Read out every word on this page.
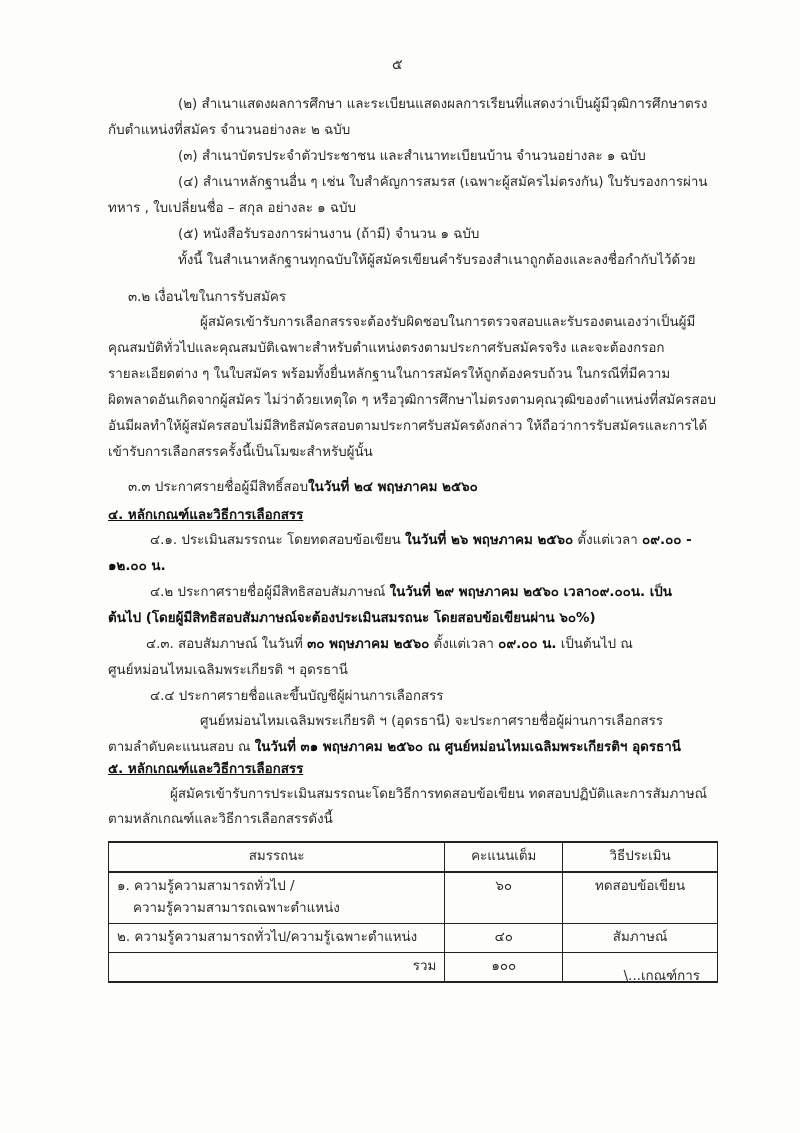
๕
(๒) สำเนาแสดงผลการศึกษา และระเบียนแสดงผลการเรียนที่แสดงว่าเป็นผู้มีวุฒิการศึกษาตรง
กับตำแหน่งที่สมัคร จำนวนอย่างละ ๒ ฉบับ
(๓) สำเนาบัตรประจำตัวประชาชน และสำเนาทะเบียนบ้าน จำนวนอย่างละ ๑ ฉบับ
(๔) สำเนาหลักฐานอื่น ๆ เช่น ใบสำคัญการสมรส (เฉพาะผู้สมัครไม่ตรงกัน) ใบรับรองการผ่าน
ทหาร , ใบเปลี่ยนชื่อ – สกุล อย่างละ ๑ ฉบับ
(๕) หนังสือรับรองการผ่านงาน (ถ้ามี) จำนวน ๑ ฉบับ
ทั้งนี้ ในสำเนาหลักฐานทุกฉบับให้ผู้สมัครเขียนคำรับรองสำเนาถูกต้องและลงชื่อกำกับไว้ด้วย
๓.๒ เงื่อนไขในการรับสมัคร
ผู้สมัครเข้ารับการเลือกสรรจะต้องรับผิดชอบในการตรวจสอบและรับรองตนเองว่าเป็นผู้มี
คุณสมบัติทั่วไปและคุณสมบัติเฉพาะสำหรับตำแหน่งตรงตามประกาศรับสมัครจริง และจะต้องกรอก
รายละเอียดต่าง ๆ ในใบสมัคร พร้อมทั้งยื่นหลักฐานในการสมัครให้ถูกต้องครบถ้วน ในกรณีที่มีความ
ผิดพลาดอันเกิดจากผู้สมัคร ไม่ว่าด้วยเหตุใด ๆ หรือวุฒิการศึกษาไม่ตรงตามคุณวุฒิของตำแหน่งที่สมัครสอบ
อันมีผลทำให้ผู้สมัครสอบไม่มีสิทธิสมัครสอบตามประกาศรับสมัครดังกล่าว ให้ถือว่าการรับสมัครและการได้
เข้ารับการเลือกสรรครั้งนี้เป็นโมฆะสำหรับผู้นั้น
๓.๓ ประกาศรายชื่อผู้มีสิทธิ์สอบในวันที่ ๒๔ พฤษภาคม ๒๕๖๐
๔. หลักเกณฑ์และวิธีการเลือกสรร
๔.๑. ประเมินสมรรถนะ โดยทดสอบข้อเขียน ในวันที่ ๒๖ พฤษภาคม ๒๕๖๐ ตั้งแต่เวลา ๐๙.๐๐ -
๑๒.๐๐ น.
๔.๒ ประกาศรายชื่อผู้มีสิทธิสอบสัมภาษณ์ ในวันที่ ๒๙ พฤษภาคม ๒๕๖๐ เวลา๐๙.๐๐น. เป็น
ต้นไป (โดยผู้มีสิทธิสอบสัมภาษณ์จะต้องประเมินสมรถนะ โดยสอบข้อเขียนผ่าน ๖๐%)
๔.๓. สอบสัมภาษณ์ ในวันที่ ๓๐ พฤษภาคม ๒๕๖๐ ตั้งแต่เวลา ๐๙.๐๐ น. เป็นต้นไป ณ
ศูนย์หม่อนไหมเฉลิมพระเกียรติ ฯ อุดรธานี
๔.๔ ประกาศรายชื่อและขึ้นบัญชีผู้ผ่านการเลือกสรร
ศูนย์หม่อนไหมเฉลิมพระเกียรติ ฯ (อุดรธานี) จะประกาศรายชื่อผู้ผ่านการเลือกสรร
ตามลำดับคะแนนสอบ ณ ในวันที่ ๓๑ พฤษภาคม ๒๕๖๐ ณ ศูนย์หม่อนไหมเฉลิมพระเกียรติฯ อุดรธานี
๕. หลักเกณฑ์และวิธีการเลือกสรร
ผู้สมัครเข้ารับการประเมินสมรรถนะโดยวิธีการทดสอบข้อเขียน ทดสอบปฏิบัติและการสัมภาษณ์
ตามหลักเกณฑ์และวิธีการเลือกสรรดังนี้
สมรรถนะ	คะแนนเต็ม	วิธีประเมิน

๑. ความรู้ความสามารถทั่วไป /
ความรู้ความสามารถเฉพาะตำแหน่ง	๖๐	ทดสอบข้อเขียน
๒. ความรู้ความสามารถทั่วไป/ความรู้เฉพาะตำแหน่ง	๔๐	สัมภาษณ์
รวม	๑๐๐	
\...เกณฑ์การ
